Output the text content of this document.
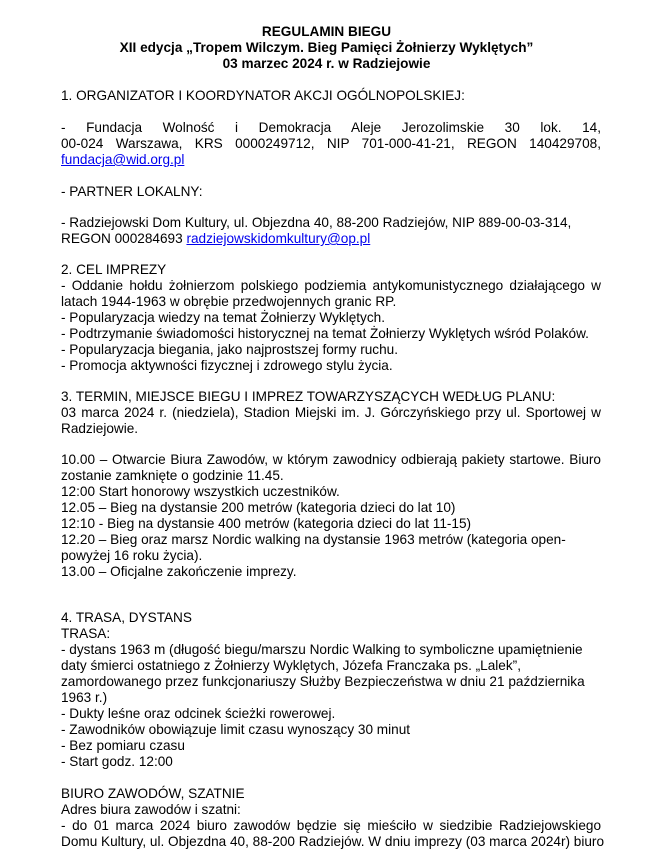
REGULAMIN BIEGU
XII edycja „Tropem Wilczym. Bieg Pamięci Żołnierzy Wyklętych”
03 marzec 2024 r. w Radziejowie
1. ORGANIZATOR I KOORDYNATOR AKCJI OGÓLNOPOLSKIEJ:
- Fundacja Wolność i Demokracja Aleje Jerozolimskie 30 lok. 14,
00-024 Warszawa, KRS 0000249712, NIP 701-000-41-21, REGON 140429708,
fundacja@wid.org.pl
- PARTNER LOKALNY:
- Radziejowski Dom Kultury, ul. Objezdna 40, 88-200 Radziejów, NIP 889-00-03-314,
REGON 000284693 radziejowskidomkultury@op.pl
2. CEL IMPREZY
- Oddanie hołdu żołnierzom polskiego podziemia antykomunistycznego działającego w
latach 1944-1963 w obrębie przedwojennych granic RP.
- Popularyzacja wiedzy na temat Żołnierzy Wyklętych.
- Podtrzymanie świadomości historycznej na temat Żołnierzy Wyklętych wśród Polaków.
- Popularyzacja biegania, jako najprostszej formy ruchu.
- Promocja aktywności fizycznej i zdrowego stylu życia.
3. TERMIN, MIEJSCE BIEGU I IMPREZ TOWARZYSZĄCYCH WEDŁUG PLANU:
03 marca 2024 r. (niedziela), Stadion Miejski im. J. Górczyńskiego przy ul. Sportowej w
Radziejowie.
10.00 – Otwarcie Biura Zawodów, w którym zawodnicy odbierają pakiety startowe. Biuro
zostanie zamknięte o godzinie 11.45.
12:00 Start honorowy wszystkich uczestników.
12.05 – Bieg na dystansie 200 metrów (kategoria dzieci do lat 10)
12:10 - Bieg na dystansie 400 metrów (kategoria dzieci do lat 11-15)
12.20 – Bieg oraz marsz Nordic walking na dystansie 1963 metrów (kategoria open-
powyżej 16 roku życia).
13.00 – Oficjalne zakończenie imprezy.
4. TRASA, DYSTANS
TRASA:
- dystans 1963 m (długość biegu/marszu Nordic Walking to symboliczne upamiętnienie
daty śmierci ostatniego z Żołnierzy Wyklętych, Józefa Franczaka ps. „Lalek”,
zamordowanego przez funkcjonariuszy Służby Bezpieczeństwa w dniu 21 października
1963 r.)
- Dukty leśne oraz odcinek ścieżki rowerowej.
- Zawodników obowiązuje limit czasu wynoszący 30 minut
- Bez pomiaru czasu
- Start godz. 12:00
BIURO ZAWODÓW, SZATNIE
Adres biura zawodów i szatni:
- do 01 marca 2024 biuro zawodów będzie się mieściło w siedzibie Radziejowskiego
Domu Kultury, ul. Objezdna 40, 88-200 Radziejów. W dniu imprezy (03 marca 2024r) biuro
